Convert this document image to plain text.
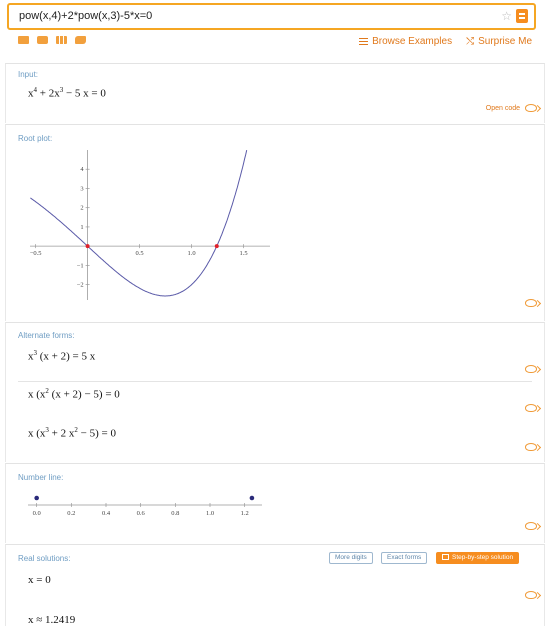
pow(x,4)+2*pow(x,3)-5*x=0
☆
Browse Examples ⤭ Surprise Me
Input:
$x^4 + 2x^3 - 5$ x = 0
Open code
Root plot:
−0.5	0.5	1.0	1.5
−2
−1
1
2
3
4
Alternate forms:
$x^3$ (x + 2) = 5 x
x ($x^2$ (x + 2) − 5) = 0
x ($x^3 + 2$ $x^2 - 5) = 0$
Number line:
0.0	0.2	0.4	0.6	0.8	1.0	1.2
Real solutions:	More digits	Exact forms	Step-by-step solution
x = 0
x ≈ 1.2419
